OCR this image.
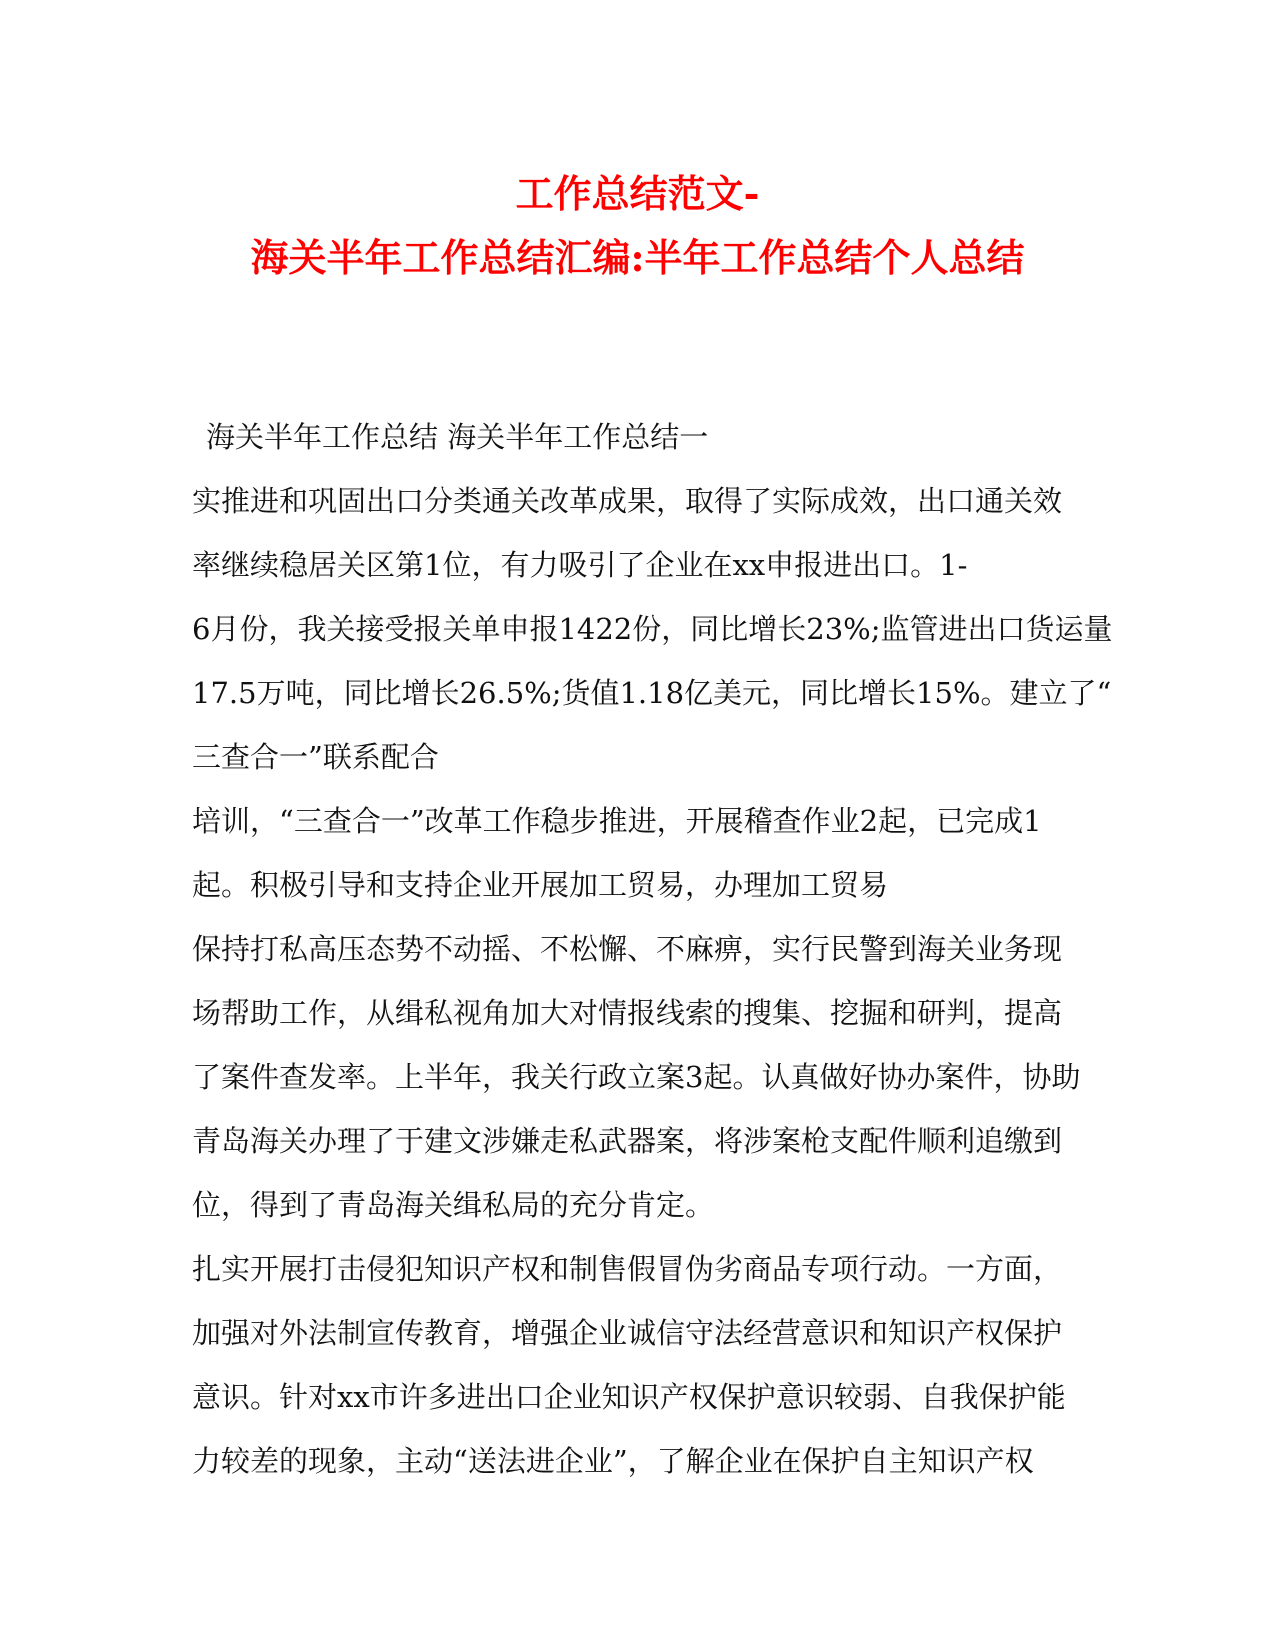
工作总结范文-

海关半年工作总结汇编:半年工作总结个人总结

海关半年工作总结 海关半年工作总结一

实推进和巩固出口分类通关改革成果，取得了实际成效，出口通关效

率继续稳居关区第1位，有力吸引了企业在xx申报进出口。1-

6月份，我关接受报关单申报1422份，同比增长23%;监管进出口货运量

17.5万吨，同比增长26.5%;货值1.18亿美元，同比增长15%。建立了“

三查合一”联系配合

培训，“三查合一”改革工作稳步推进，开展稽查作业2起，已完成1

起。积极引导和支持企业开展加工贸易，办理加工贸易

保持打私高压态势不动摇、不松懈、不麻痹，实行民警到海关业务现

场帮助工作，从缉私视角加大对情报线索的搜集、挖掘和研判，提高

了案件查发率。上半年，我关行政立案3起。认真做好协办案件，协助

青岛海关办理了于建文涉嫌走私武器案，将涉案枪支配件顺利追缴到

位，得到了青岛海关缉私局的充分肯定。

扎实开展打击侵犯知识产权和制售假冒伪劣商品专项行动。一方面，

加强对外法制宣传教育，增强企业诚信守法经营意识和知识产权保护

意识。针对xx市许多进出口企业知识产权保护意识较弱、自我保护能

力较差的现象，主动“送法进企业”，了解企业在保护自主知识产权
